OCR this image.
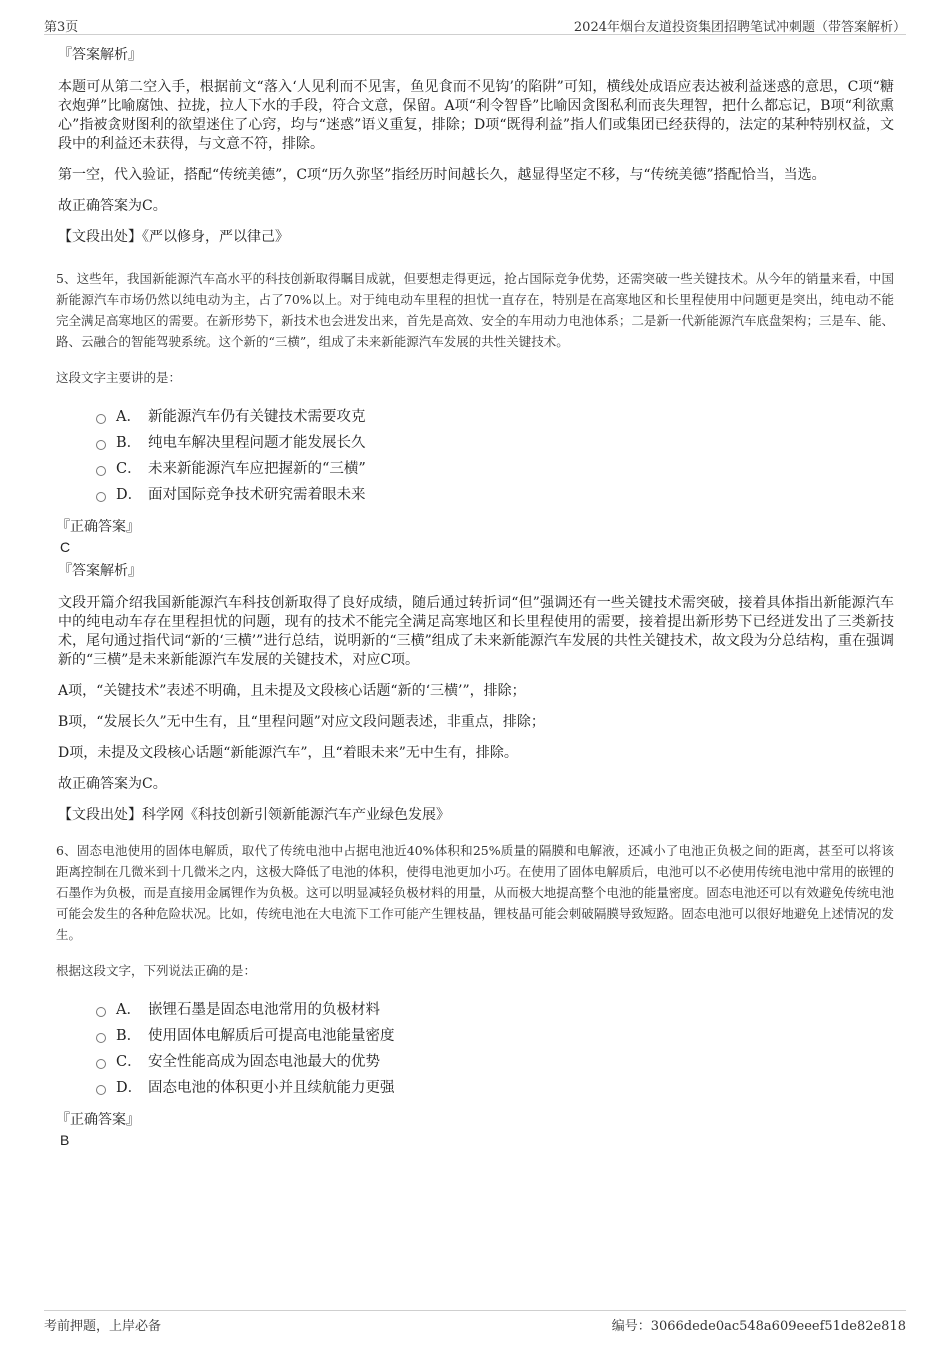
第3页	2024年烟台友道投资集团招聘笔试冲刺题（带答案解析）

『答案解析』

本题可从第二空入手，根据前文“落入‘人见利而不见害，鱼见食而不见钩’的陷阱”可知，横线处成语应表达被利益迷惑的意思，C项“糖衣炮弹”比喻腐蚀、拉拢，拉人下水的手段，符合文意，保留。A项“利令智昏”比喻因贪图私利而丧失理智，把什么都忘记，B项“利欲熏心”指被贪财图利的欲望迷住了心窍，均与“迷惑”语义重复，排除；D项“既得利益”指人们或集团已经获得的，法定的某种特别权益，文段中的利益还未获得，与文意不符，排除。

第一空，代入验证，搭配“传统美德”，C项“历久弥坚”指经历时间越长久，越显得坚定不移，与“传统美德”搭配恰当，当选。

故正确答案为C。

【文段出处】《严以修身，严以律己》

5、这些年，我国新能源汽车高水平的科技创新取得瞩目成就，但要想走得更远，抢占国际竞争优势，还需突破一些关键技术。从今年的销量来看，中国新能源汽车市场仍然以纯电动为主，占了70%以上。对于纯电动车里程的担忧一直存在，特别是在高寒地区和长里程使用中问题更是突出，纯电动不能完全满足高寒地区的需要。在新形势下，新技术也会进发出来，首先是高效、安全的车用动力电池体系；二是新一代新能源汽车底盘架构；三是车、能、路、云融合的智能驾驶系统。这个新的“三横”，组成了未来新能源汽车发展的共性关键技术。

这段文字主要讲的是：

A． 新能源汽车仍有关键技术需要攻克
B． 纯电车解决里程问题才能发展长久
C． 未来新能源汽车应把握新的“三横”
D． 面对国际竞争技术研究需着眼未来

『正确答案』

C

『答案解析』

文段开篇介绍我国新能源汽车科技创新取得了良好成绩，随后通过转折词“但”强调还有一些关键技术需突破，接着具体指出新能源汽车中的纯电动车存在里程担忧的问题，现有的技术不能完全满足高寒地区和长里程使用的需要，接着提出新形势下已经迸发出了三类新技术，尾句通过指代词“新的‘三横’”进行总结，说明新的“三横”组成了未来新能源汽车发展的共性关键技术，故文段为分总结构，重在强调新的“三横”是未来新能源汽车发展的关键技术，对应C项。

A项，“关键技术”表述不明确，且未提及文段核心话题“新的‘三横’”，排除；

B项，“发展长久”无中生有，且“里程问题”对应文段问题表述，非重点，排除；

D项，未提及文段核心话题“新能源汽车”，且“着眼未来”无中生有，排除。

故正确答案为C。

【文段出处】科学网《科技创新引领新能源汽车产业绿色发展》

6、固态电池使用的固体电解质，取代了传统电池中占据电池近40%体积和25%质量的隔膜和电解液，还减小了电池正负极之间的距离，甚至可以将该距离控制在几微米到十几微米之内，这极大降低了电池的体积，使得电池更加小巧。在使用了固体电解质后，电池可以不必使用传统电池中常用的嵌锂的石墨作为负极，而是直接用金属锂作为负极。这可以明显减轻负极材料的用量，从而极大地提高整个电池的能量密度。固态电池还可以有效避免传统电池可能会发生的各种危险状况。比如，传统电池在大电流下工作可能产生锂枝晶，锂枝晶可能会刺破隔膜导致短路。固态电池可以很好地避免上述情况的发生。

根据这段文字，下列说法正确的是：

A． 嵌锂石墨是固态电池常用的负极材料
B． 使用固体电解质后可提高电池能量密度
C． 安全性能高成为固态电池最大的优势
D． 固态电池的体积更小并且续航能力更强

『正确答案』

B

考前押题，上岸必备	编号：3066dede0ac548a609eeef51de82e818
